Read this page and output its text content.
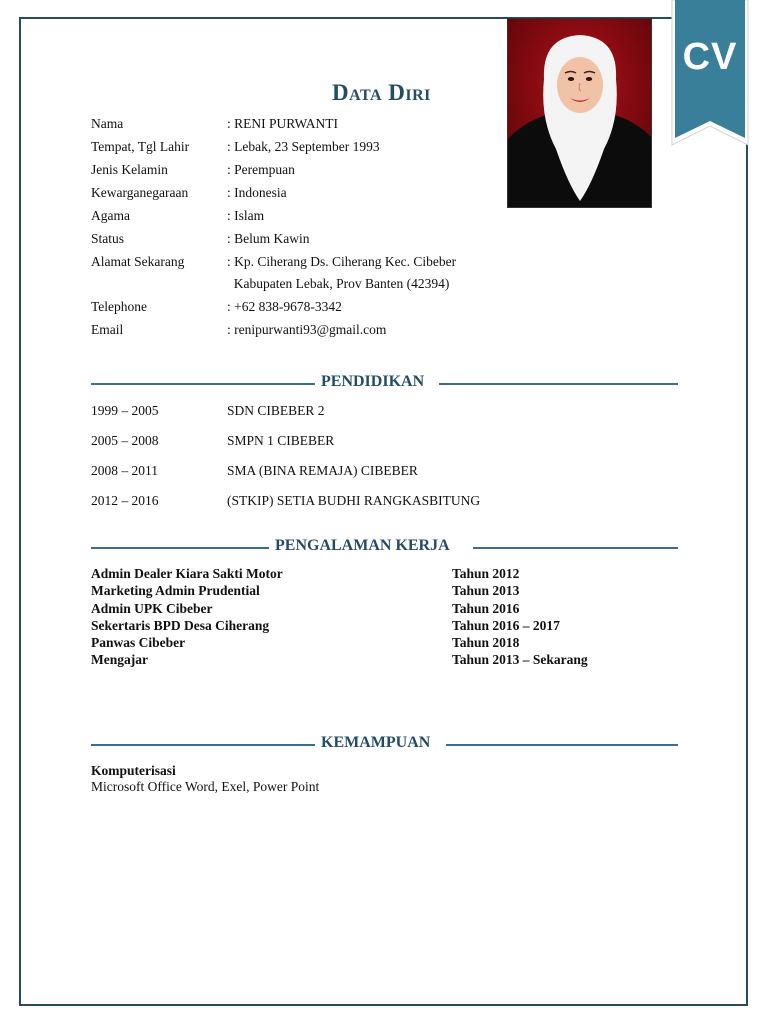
CV
Data Diri
Nama	: RENI PURWANTI
Tempat, Tgl Lahir	: Lebak, 23 September 1993
Jenis Kelamin	: Perempuan
Kewarganegaraan	: Indonesia
Agama	: Islam
Status	: Belum Kawin
Alamat Sekarang	: Kp. Ciherang Ds. Ciherang Kec. Cibeber
Kabupaten Lebak, Prov Banten (42394)
Telephone	: +62 838-9678-3342
Email	: renipurwanti93@gmail.com
PENDIDIKAN
1999 – 2005	SDN CIBEBER 2
2005 – 2008	SMPN 1 CIBEBER
2008 – 2011	SMA (BINA REMAJA) CIBEBER
2012 – 2016	(STKIP) SETIA BUDHI RANGKASBITUNG
PENGALAMAN KERJA
Admin Dealer Kiara Sakti Motor	Tahun 2012
Marketing Admin Prudential	Tahun 2013
Admin UPK Cibeber	Tahun 2016
Sekertaris BPD Desa Ciherang	Tahun 2016 – 2017
Panwas Cibeber	Tahun 2018
Mengajar	Tahun 2013 – Sekarang
KEMAMPUAN
Komputerisasi
Microsoft Office Word, Exel, Power Point
